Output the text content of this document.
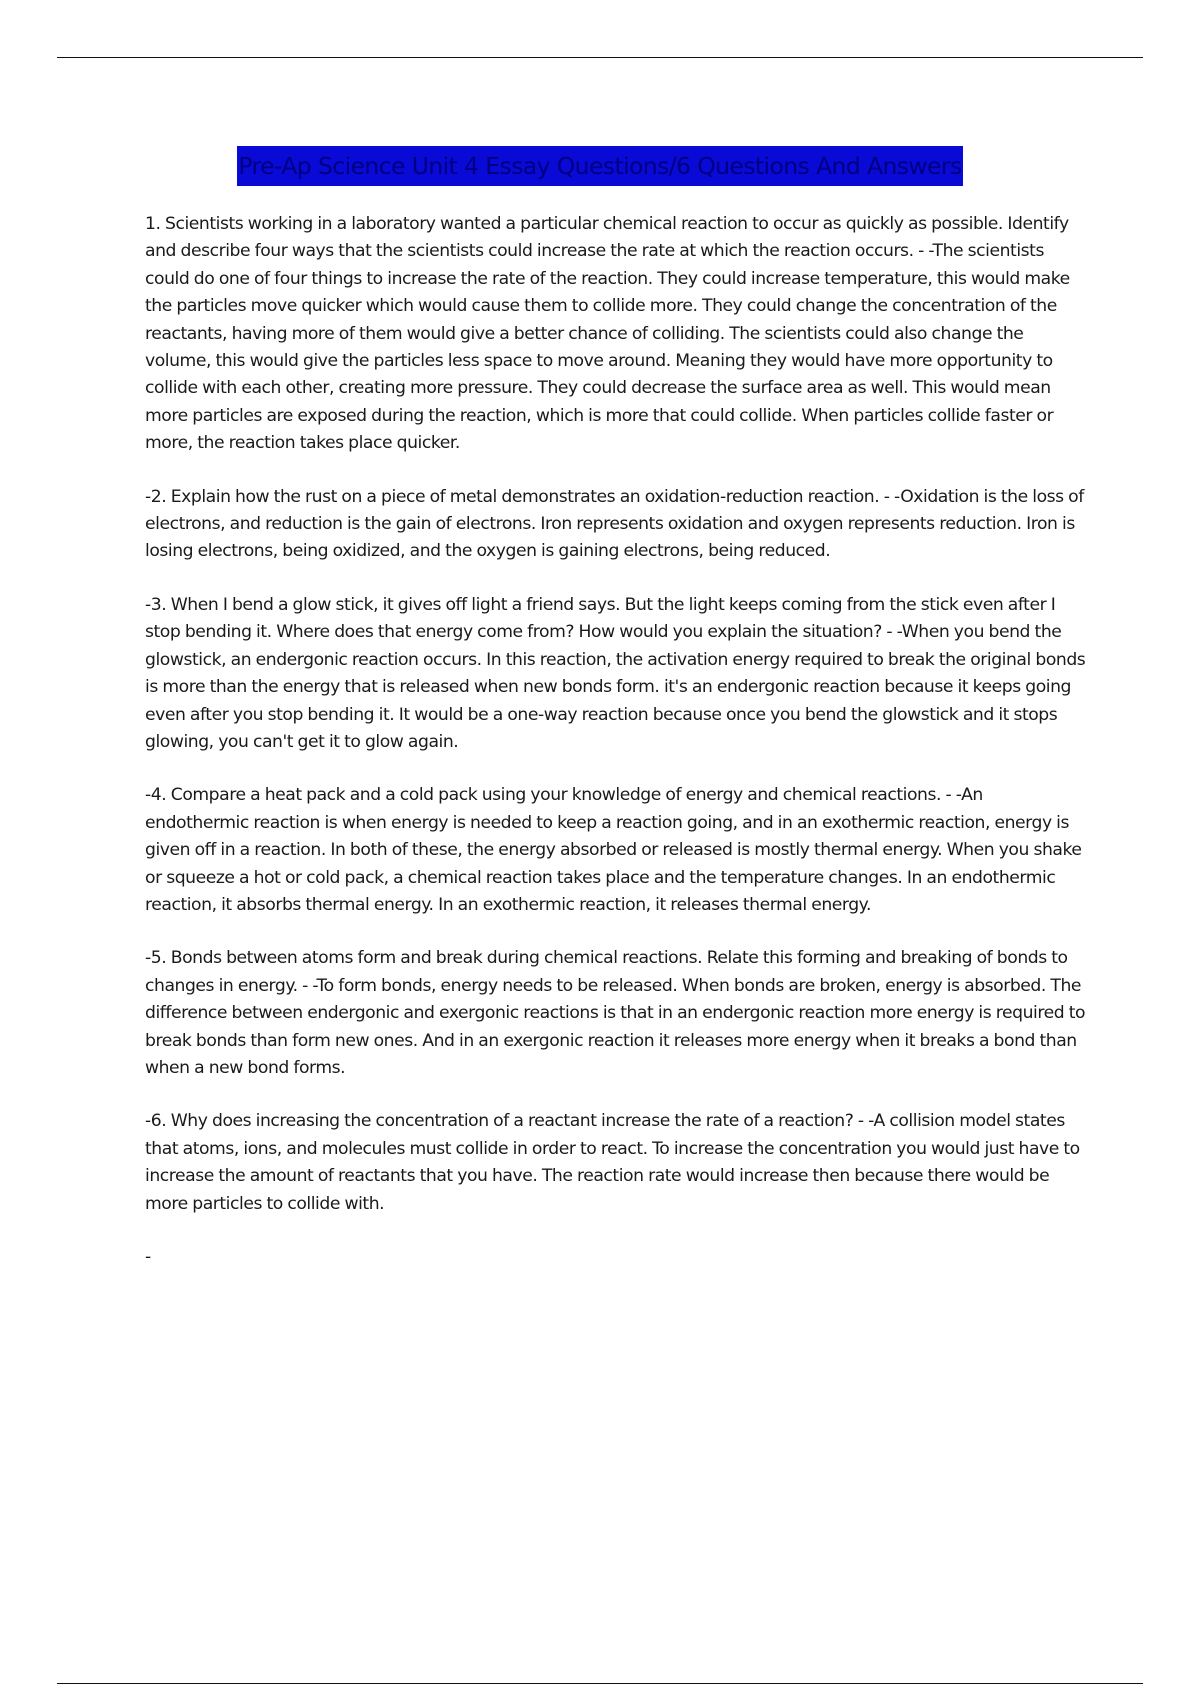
Pre-Ap Science Unit 4 Essay Questions/6 Questions And Answers

1. Scientists working in a laboratory wanted a particular chemical reaction to occur as quickly as possible. Identify and describe four ways that the scientists could increase the rate at which the reaction occurs. - -The scientists could do one of four things to increase the rate of the reaction. They could increase temperature, this would make the particles move quicker which would cause them to collide more. They could change the concentration of the reactants, having more of them would give a better chance of colliding. The scientists could also change the volume, this would give the particles less space to move around. Meaning they would have more opportunity to collide with each other, creating more pressure. They could decrease the surface area as well. This would mean more particles are exposed during the reaction, which is more that could collide. When particles collide faster or more, the reaction takes place quicker.

-2. Explain how the rust on a piece of metal demonstrates an oxidation-reduction reaction. - -Oxidation is the loss of electrons, and reduction is the gain of electrons. Iron represents oxidation and oxygen represents reduction. Iron is losing electrons, being oxidized, and the oxygen is gaining electrons, being reduced.

-3. When I bend a glow stick, it gives off light a friend says. But the light keeps coming from the stick even after I stop bending it. Where does that energy come from? How would you explain the situation? - -When you bend the glowstick, an endergonic reaction occurs. In this reaction, the activation energy required to break the original bonds is more than the energy that is released when new bonds form. it's an endergonic reaction because it keeps going even after you stop bending it. It would be a one-way reaction because once you bend the glowstick and it stops glowing, you can't get it to glow again.

-4. Compare a heat pack and a cold pack using your knowledge of energy and chemical reactions. - -An endothermic reaction is when energy is needed to keep a reaction going, and in an exothermic reaction, energy is given off in a reaction. In both of these, the energy absorbed or released is mostly thermal energy. When you shake or squeeze a hot or cold pack, a chemical reaction takes place and the temperature changes. In an endothermic reaction, it absorbs thermal energy. In an exothermic reaction, it releases thermal energy.

-5. Bonds between atoms form and break during chemical reactions. Relate this forming and breaking of bonds to changes in energy. - -To form bonds, energy needs to be released. When bonds are broken, energy is absorbed. The difference between endergonic and exergonic reactions is that in an endergonic reaction more energy is required to break bonds than form new ones. And in an exergonic reaction it releases more energy when it breaks a bond than when a new bond forms.

-6. Why does increasing the concentration of a reactant increase the rate of a reaction? - -A collision model states that atoms, ions, and molecules must collide in order to react. To increase the concentration you would just have to increase the amount of reactants that you have. The reaction rate would increase then because there would be more particles to collide with.

-
